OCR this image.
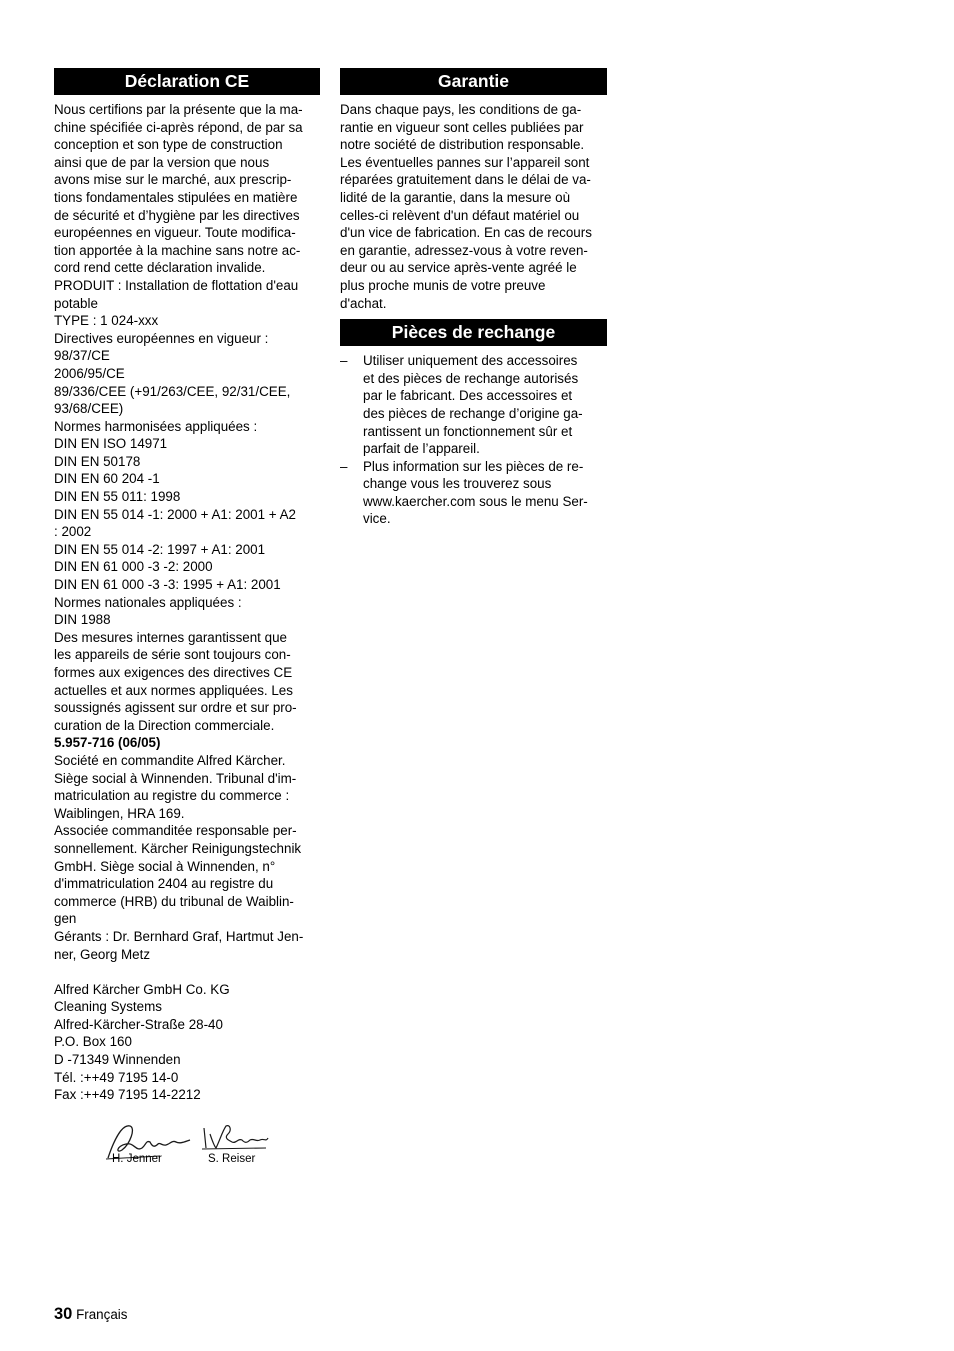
Déclaration CE
Nous certifions par la présente que la ma-
chine spécifiée ci-après répond, de par sa
conception et son type de construction
ainsi que de par la version que nous
avons mise sur le marché, aux prescrip-
tions fondamentales stipulées en matière
de sécurité et d’hygiène par les directives
européennes en vigueur. Toute modifica-
tion apportée à la machine sans notre ac-
cord rend cette déclaration invalide.
PRODUIT : Installation de flottation d'eau
potable
TYPE : 1 024-xxx
Directives européennes en vigueur :
98/37/CE
2006/95/CE
89/336/CEE (+91/263/CEE, 92/31/CEE,
93/68/CEE)
Normes harmonisées appliquées :
DIN EN ISO 14971
DIN EN 50178
DIN EN 60 204 -1
DIN EN 55 011: 1998
DIN EN 55 014 -1: 2000 + A1: 2001 + A2
: 2002
DIN EN 55 014 -2: 1997 + A1: 2001
DIN EN 61 000 -3 -2: 2000
DIN EN 61 000 -3 -3: 1995 + A1: 2001
Normes nationales appliquées :
DIN 1988
Des mesures internes garantissent que
les appareils de série sont toujours con-
formes aux exigences des directives CE
actuelles et aux normes appliquées. Les
soussignés agissent sur ordre et sur pro-
curation de la Direction commerciale.
5.957-716 (06/05)
Société en commandite Alfred Kärcher.
Siège social à Winnenden. Tribunal d'im-
matriculation au registre du commerce :
Waiblingen, HRA 169.
Associée commanditée responsable per-
sonnellement. Kärcher Reinigungstechnik
GmbH. Siège social à Winnenden, n°
d'immatriculation 2404 au registre du
commerce (HRB) du tribunal de Waiblin-
gen
Gérants : Dr. Bernhard Graf, Hartmut Jen-
ner, Georg Metz
Alfred Kärcher GmbH Co. KG
Cleaning Systems
Alfred-Kärcher-Straße 28-40
P.O. Box 160
D -71349 Winnenden
Tél. :++49 7195 14-0
Fax :++49 7195 14-2212
H. Jenner	S. Reiser
Garantie
Dans chaque pays, les conditions de ga-
rantie en vigueur sont celles publiées par
notre société de distribution responsable.
Les éventuelles pannes sur l’appareil sont
réparées gratuitement dans le délai de va-
lidité de la garantie, dans la mesure où
celles-ci relèvent d'un défaut matériel ou
d'un vice de fabrication. En cas de recours
en garantie, adressez-vous à votre reven-
deur ou au service après-vente agréé le
plus proche munis de votre preuve
d'achat.
Pièces de rechange
– Utiliser uniquement des accessoires
et des pièces de rechange autorisés
par le fabricant. Des accessoires et
des pièces de rechange d’origine ga-
rantissent un fonctionnement sûr et
parfait de l’appareil.
– Plus information sur les pièces de re-
change vous les trouverez sous
www.kaercher.com sous le menu Ser-
vice.
30 Français
